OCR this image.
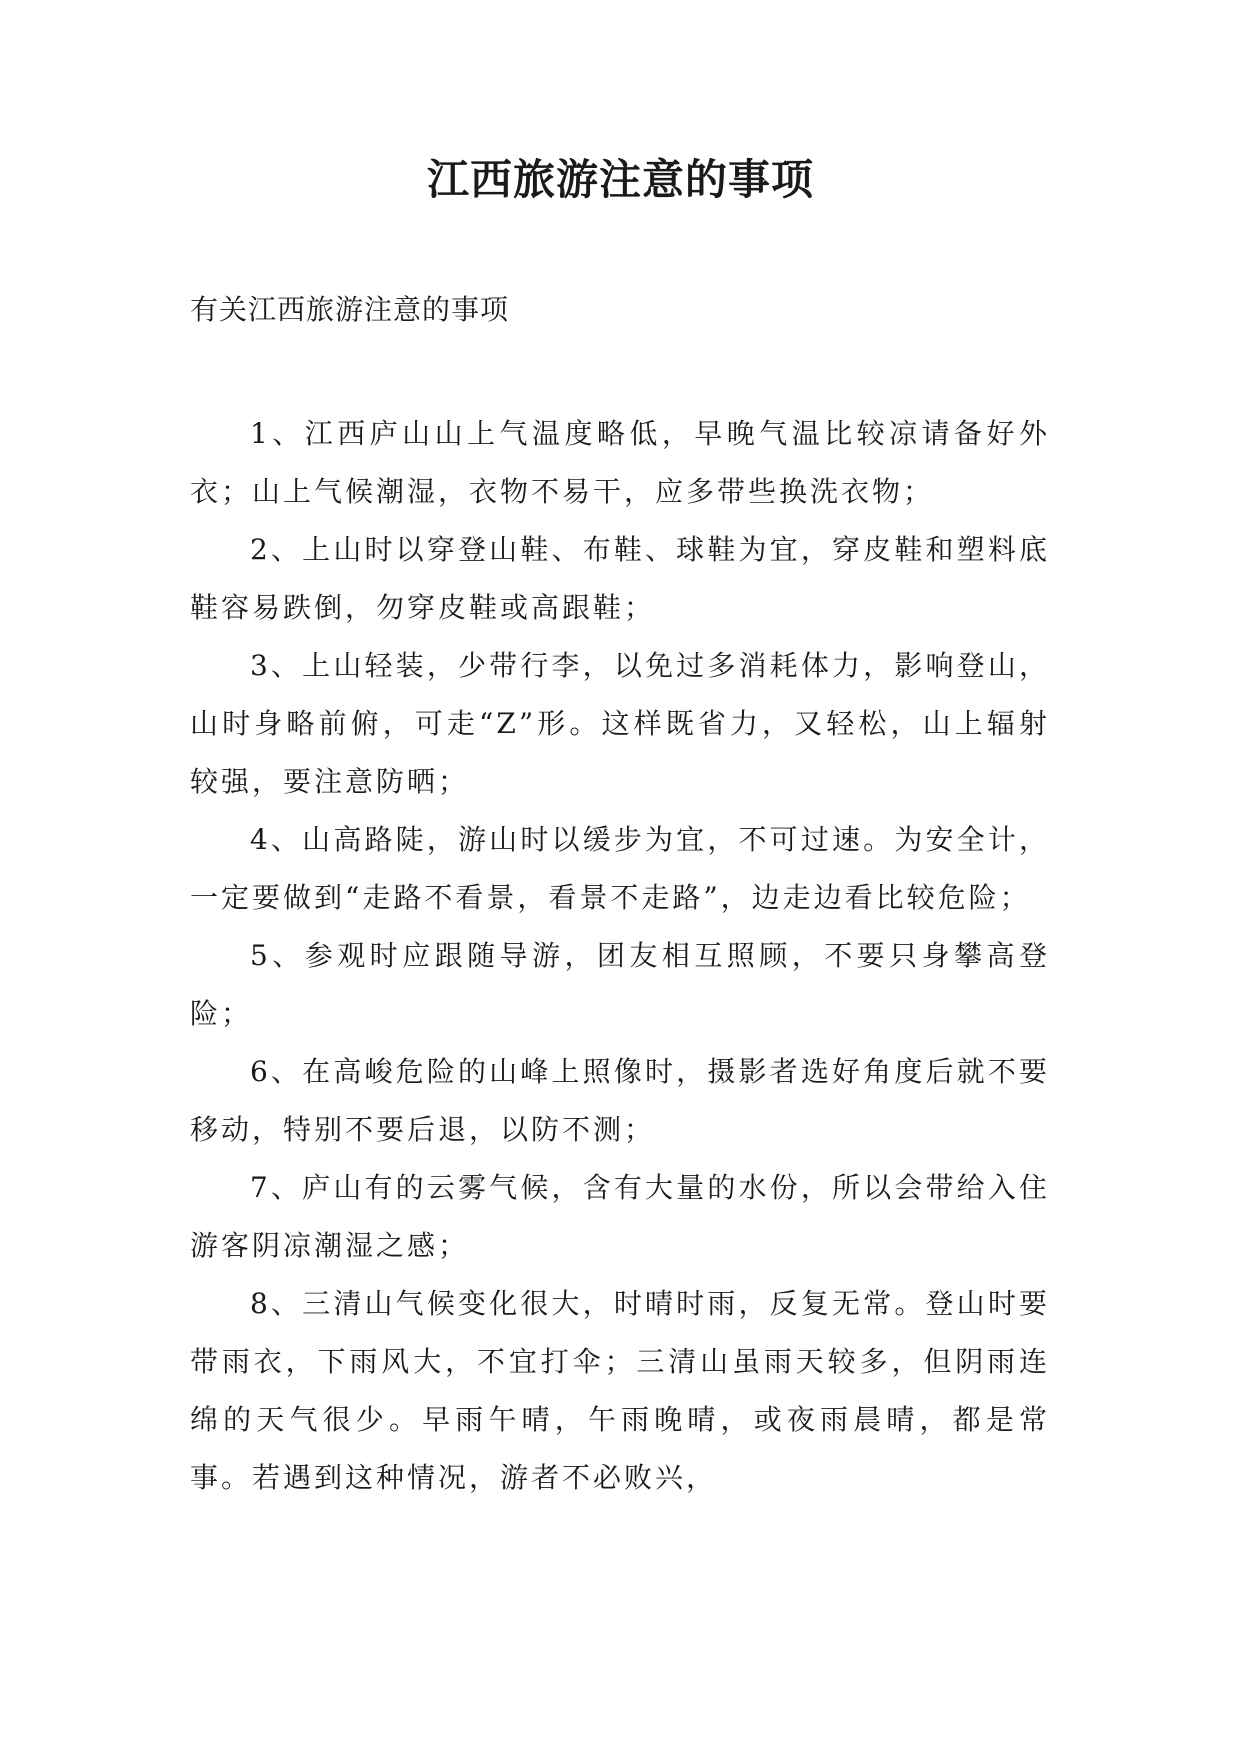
江西旅游注意的事项

有关江西旅游注意的事项

1、江西庐山山上气温度略低，早晚气温比较凉请备好外衣；山上气候潮湿，衣物不易干，应多带些换洗衣物；

2、上山时以穿登山鞋、布鞋、球鞋为宜，穿皮鞋和塑料底鞋容易跌倒，勿穿皮鞋或高跟鞋；

3、上山轻装，少带行李，以免过多消耗体力，影响登山，山时身略前俯，可走“Z”形。这样既省力，又轻松，山上辐射较强，要注意防晒；

4、山高路陡，游山时以缓步为宜，不可过速。为安全计，一定要做到“走路不看景，看景不走路”，边走边看比较危险；

5、参观时应跟随导游，团友相互照顾，不要只身攀高登险；

6、在高峻危险的山峰上照像时，摄影者选好角度后就不要移动，特别不要后退，以防不测；

7、庐山有的云雾气候，含有大量的水份，所以会带给入住游客阴凉潮湿之感；

8、三清山气候变化很大，时晴时雨，反复无常。登山时要带雨衣，下雨风大，不宜打伞；三清山虽雨天较多，但阴雨连绵的天气很少。早雨午晴，午雨晚晴，或夜雨晨晴，都是常事。若遇到这种情况，游者不必败兴，
